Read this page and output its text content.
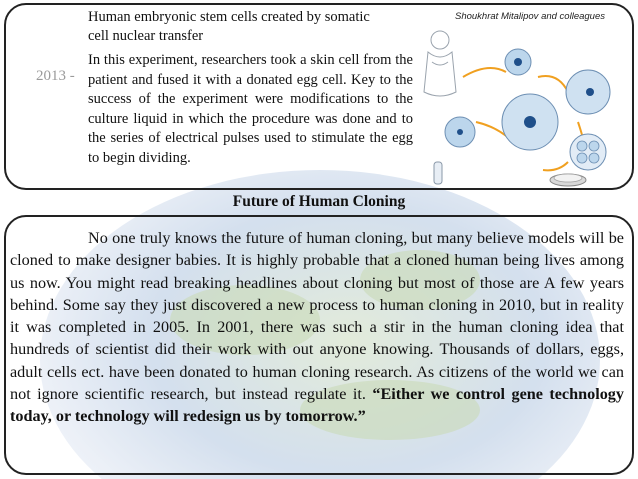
2013 -
Human embryonic stem cells created by somatic cell nuclear transfer
In this experiment, researchers took a skin cell from the patient and fused it with a donated egg cell. Key to the success of the experiment were modifications to the culture liquid in which the procedure was done and to the series of electrical pulses used to stimulate the egg to begin dividing.
Shoukhrat Mitalipov and colleagues
Future of Human Cloning
No one truly knows the future of human cloning, but many believe models will be cloned to make designer babies. It is highly probable that a cloned human being lives among us now. You might read breaking headlines about cloning but most of those are A few years behind. Some say they just discovered a new process to human cloning in 2010, but in reality it was completed in 2005. In 2001, there was such a stir in the human cloning idea that hundreds of scientist did their work with out anyone knowing. Thousands of dollars, eggs, adult cells ect. have been donated to human cloning research. As citizens of the world we can not ignore scientific research, but instead regulate it. “Either we control gene technology today, or technology will redesign us by tomorrow.”
